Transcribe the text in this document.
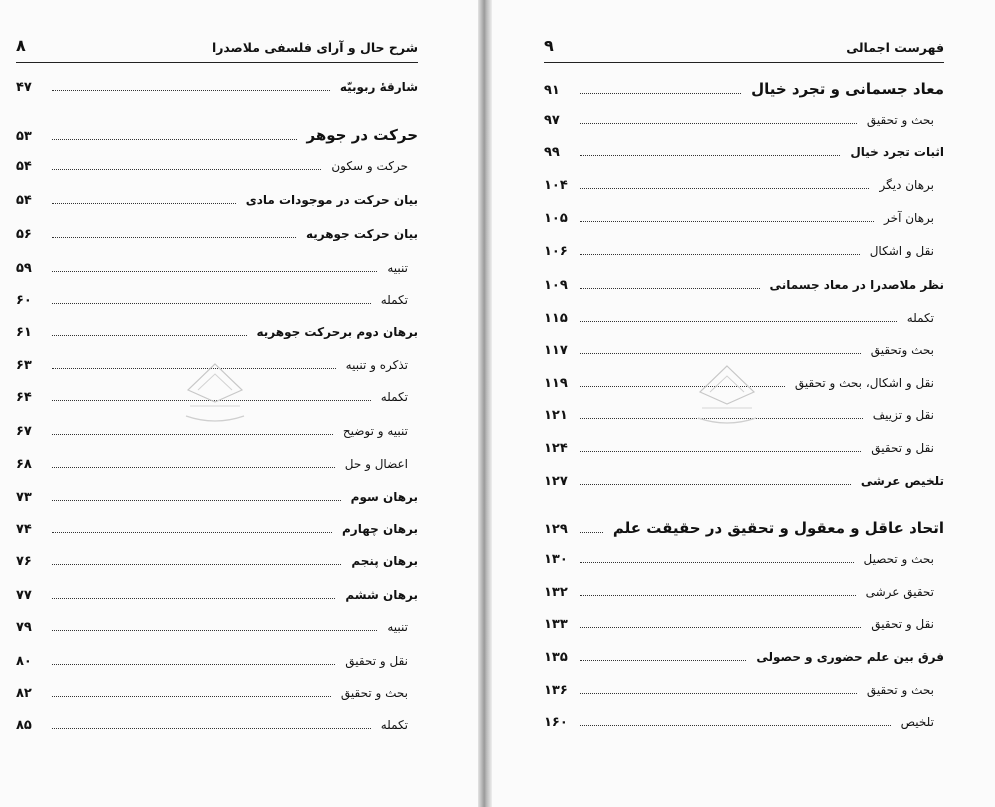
شرح حال و آرای فلسفی ملاصدرا
۸
شارقهٔ ربوبیّه
۴۷
حرکت در جوهر
۵۳
حرکت و سکون
۵۴
بیان حرکت در موجودات مادی
۵۴
بیان حرکت جوهریه
۵۶
تنبیه
۵۹
تکمله
۶۰
برهان دوم برحرکت جوهریه
۶۱
تذکره و تنبیه
۶۳
تکمله
۶۴
تنبیه و توضیح
۶۷
اعضال و حل
۶۸
برهان سوم
۷۳
برهان چهارم
۷۴
برهان پنجم
۷۶
برهان ششم
۷۷
تنبیه
۷۹
نقل و تحقیق
۸۰
بحث و تحقیق
۸۲
تکمله
۸۵
فهرست اجمالی
۹
معاد جسمانی و تجرد خیال
۹۱
بحث و تحقیق
۹۷
اثبات تجرد خیال
۹۹
برهان دیگر
۱۰۴
برهان آخر
۱۰۵
نقل و اشکال
۱۰۶
نظر ملاصدرا در معاد جسمانی
۱۰۹
تکمله
۱۱۵
بحث وتحقیق
۱۱۷
نقل و اشکال، بحث و تحقیق
۱۱۹
نقل و تزییف
۱۲۱
نقل و تحقیق
۱۲۴
تلخیص عرشی
۱۲۷
اتحاد عاقل و معقول و تحقیق در حقیقت علم
۱۲۹
بحث و تحصیل
۱۳۰
تحقیق عرشی
۱۳۲
نقل و تحقیق
۱۳۳
فرق بین علم حضوری و حصولی
۱۳۵
بحث و تحقیق
۱۳۶
تلخیص
۱۶۰
